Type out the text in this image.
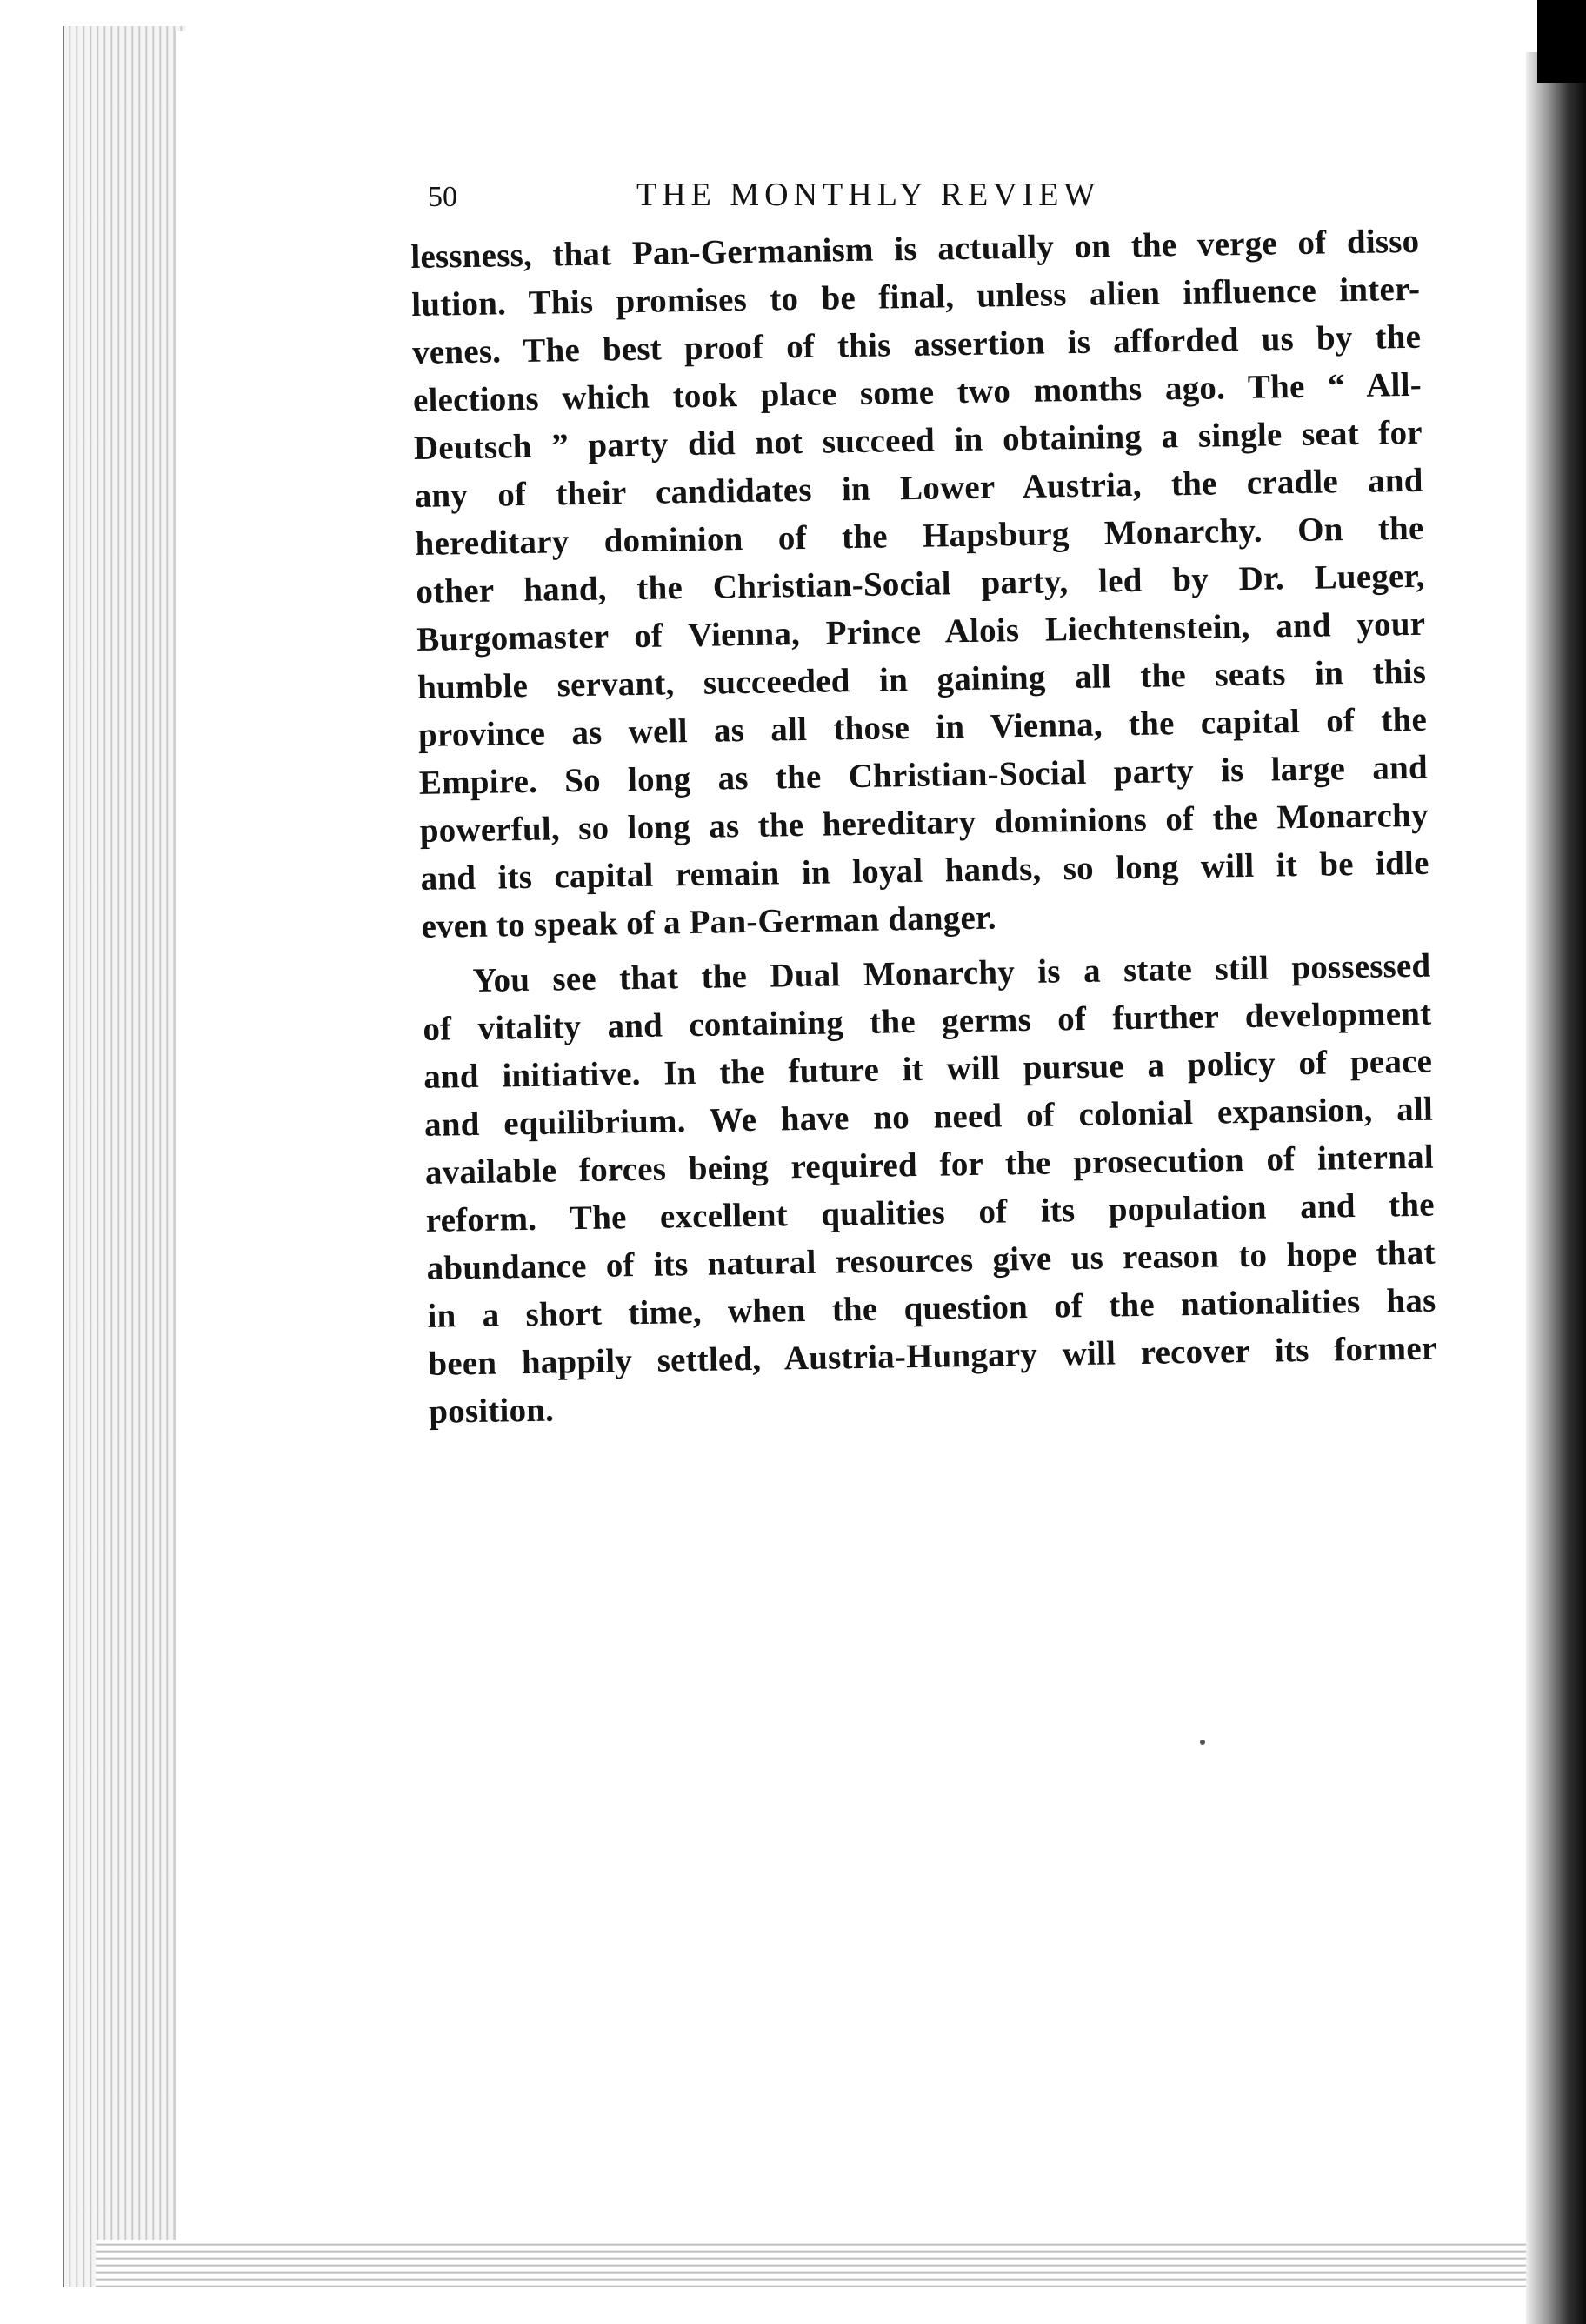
50	THE MONTHLY REVIEW
lessness, that Pan-Germanism is actually on the verge of disso
lution. This promises to be final, unless alien influence inter-
venes. The best proof of this assertion is afforded us by the
elections which took place some two months ago. The “ All-
Deutsch ” party did not succeed in obtaining a single seat for
any of their candidates in Lower Austria, the cradle and
hereditary dominion of the Hapsburg Monarchy. On the
other hand, the Christian-Social party, led by Dr. Lueger,
Burgomaster of Vienna, Prince Alois Liechtenstein, and your
humble servant, succeeded in gaining all the seats in this
province as well as all those in Vienna, the capital of the
Empire. So long as the Christian-Social party is large and
powerful, so long as the hereditary dominions of the Monarchy
and its capital remain in loyal hands, so long will it be idle
even to speak of a Pan-German danger.
You see that the Dual Monarchy is a state still possessed
of vitality and containing the germs of further development
and initiative. In the future it will pursue a policy of peace
and equilibrium. We have no need of colonial expansion, all
available forces being required for the prosecution of internal
reform. The excellent qualities of its population and the
abundance of its natural resources give us reason to hope that
in a short time, when the question of the nationalities has
been happily settled, Austria-Hungary will recover its former
position.
